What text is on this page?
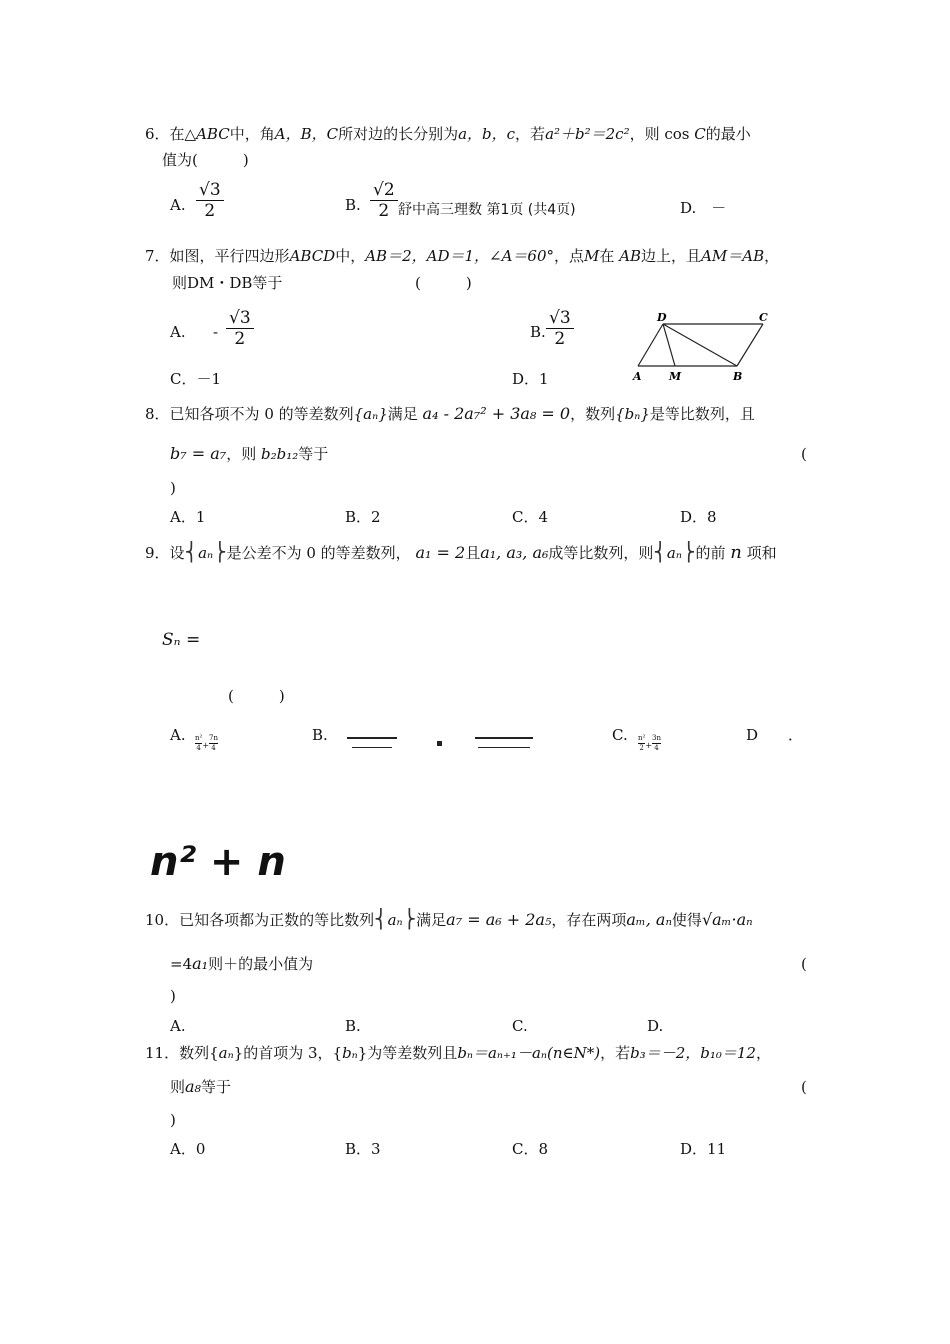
6．在△ABC中，角A，B，C所对边的长分别为a，b，c，若a²＋b²＝2c²，则 cos C的最小
值为(　　　)
A. $\frac{√3}{2}$	B. $\frac{√2}{2}$ 舒中高三理数 第1页 (共4页)	D.　－
7．如图，平行四边形ABCD中，AB＝2，AD＝1，∠A＝60°，点M在 AB边上，且AM＝AB，
则DM・DB等于	(　　　)
A. - $\frac{√3}{2}$	B. $\frac{√3}{2}$	D	C
A M	B
C．－1	D．1
8．已知各项不为 0 的等差数列{aₙ}满足 a₄ - 2a₇² + 3a₈ = 0，数列{bₙ}是等比数列，且
b₇ = a₇，则 b₂b₁₂等于	(
)
A．1	B．2	C．4	D．8
9．设⎨aₙ⎬是公差不为 0 的等差数列， a₁ = 2且a₁, a₃, a₆成等比数列，则⎨aₙ⎬的前 n 项和
Sₙ =
(　　　)
A. $\frac{\text{n²}}{4} + \frac{7n}{4}$	B.	C. $\frac{\text{n²}}{2} + \frac{3n}{4}$	D　　．
n² + n
10．已知各项都为正数的等比数列⎨aₙ⎬满足a₇ = a₆ + 2a₅，存在两项aₘ, aₙ使得√aₘ·aₙ
=4a₁则＋的最小值为	(
)
A.	B.	C.	D.
11．数列{aₙ}的首项为 3，{bₙ}为等差数列且bₙ＝aₙ₊₁－aₙ(n∈N*)，若b₃＝－2，b₁₀＝12，
则a₈等于	(
)
A．0	B．3	C．8	D．11
